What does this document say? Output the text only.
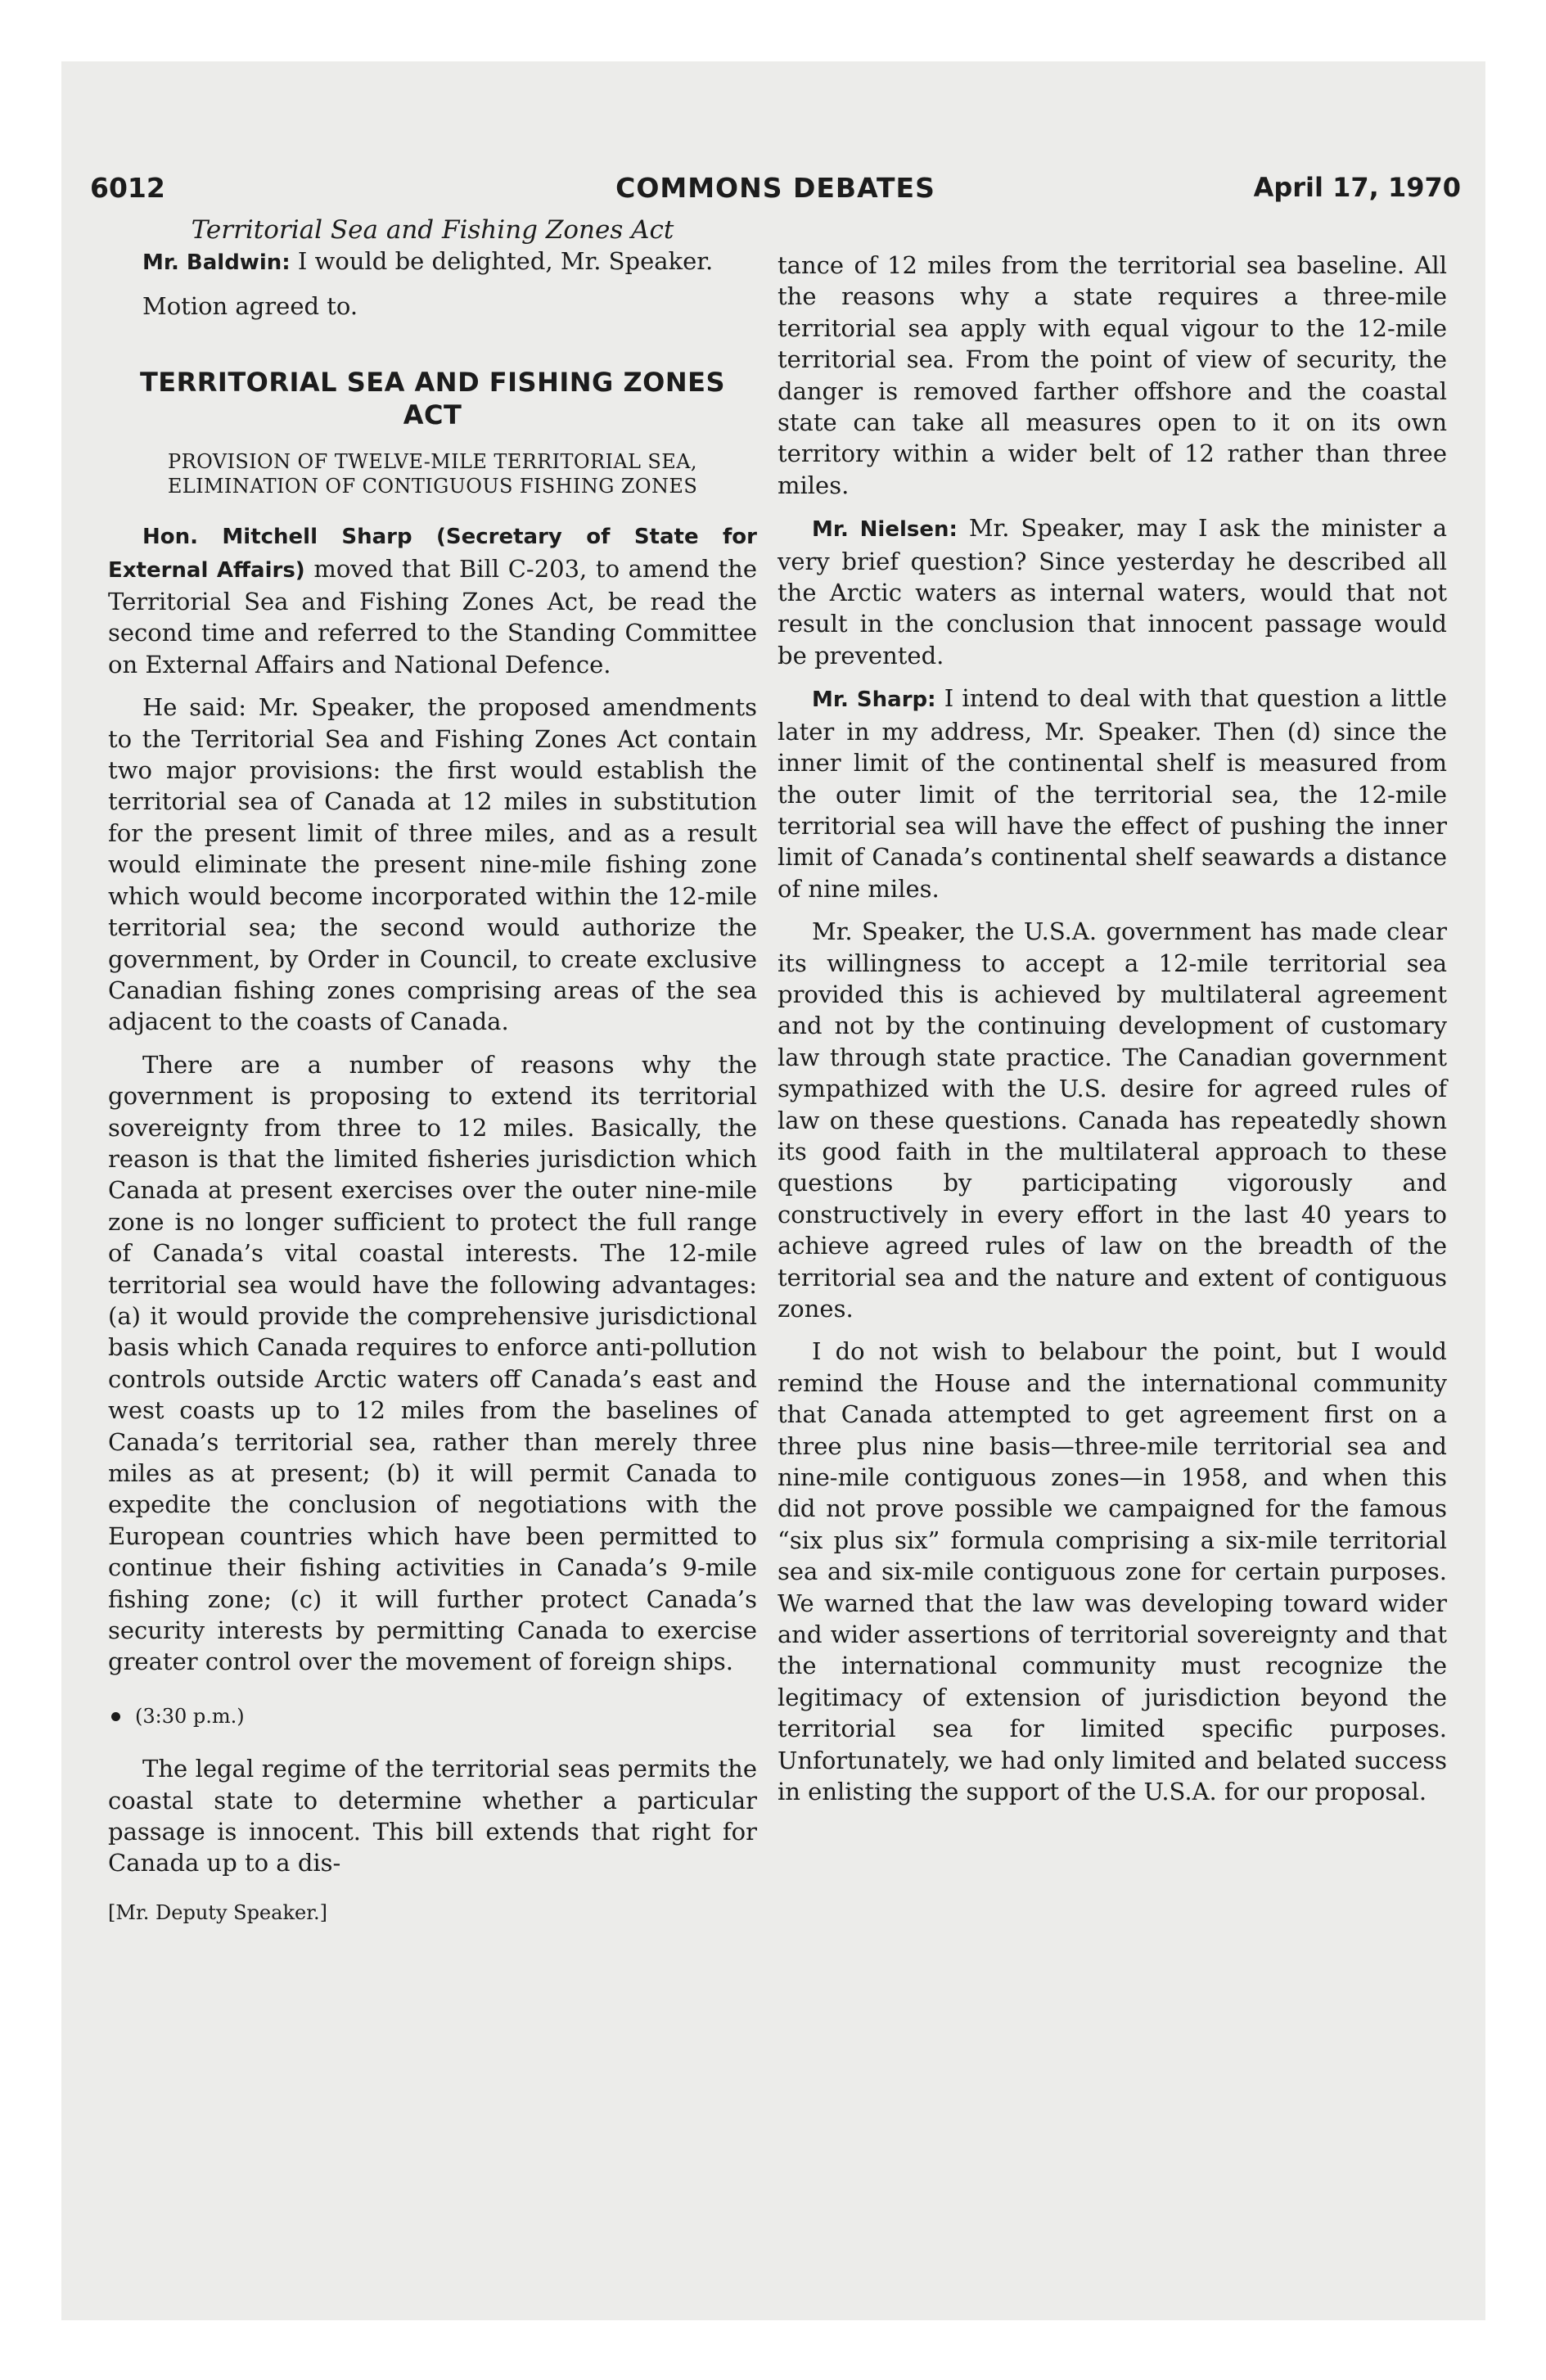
6012	COMMONS DEBATES	April 17, 1970
Territorial Sea and Fishing Zones Act

Mr. Baldwin: I would be delighted, Mr. Speaker.

Motion agreed to.

TERRITORIAL SEA AND FISHING ZONES ACT
PROVISION OF TWELVE-MILE TERRITORIAL SEA, ELIMINATION OF CONTIGUOUS FISHING ZONES

Hon. Mitchell Sharp (Secretary of State for External Affairs) moved that Bill C-203, to amend the Territorial Sea and Fishing Zones Act, be read the second time and referred to the Standing Committee on External Affairs and National Defence.

He said: Mr. Speaker, the proposed amendments to the Territorial Sea and Fishing Zones Act contain two major provisions: the first would establish the territorial sea of Canada at 12 miles in substitution for the present limit of three miles, and as a result would eliminate the present nine-mile fishing zone which would become incorporated within the 12-mile territorial sea; the second would authorize the government, by Order in Council, to create exclusive Canadian fishing zones comprising areas of the sea adjacent to the coasts of Canada.

There are a number of reasons why the government is proposing to extend its territorial sovereignty from three to 12 miles. Basically, the reason is that the limited fisheries jurisdiction which Canada at present exercises over the outer nine-mile zone is no longer sufficient to protect the full range of Canada’s vital coastal interests. The 12-mile territorial sea would have the following advantages: (a) it would provide the comprehensive jurisdictional basis which Canada requires to enforce anti-pollution controls outside Arctic waters off Canada’s east and west coasts up to 12 miles from the baselines of Canada’s territorial sea, rather than merely three miles as at present; (b) it will permit Canada to expedite the conclusion of negotiations with the European countries which have been permitted to continue their fishing activities in Canada’s 9-mile fishing zone; (c) it will further protect Canada’s security interests by permitting Canada to exercise greater control over the movement of foreign ships.

(3:30 p.m.)

The legal regime of the territorial seas permits the coastal state to determine whether a particular passage is innocent. This bill extends that right for Canada up to a dis-

[Mr. Deputy Speaker.]

tance of 12 miles from the territorial sea baseline. All the reasons why a state requires a three-mile territorial sea apply with equal vigour to the 12-mile territorial sea. From the point of view of security, the danger is removed farther offshore and the coastal state can take all measures open to it on its own territory within a wider belt of 12 rather than three miles.

Mr. Nielsen: Mr. Speaker, may I ask the minister a very brief question? Since yesterday he described all the Arctic waters as internal waters, would that not result in the conclusion that innocent passage would be prevented.

Mr. Sharp: I intend to deal with that question a little later in my address, Mr. Speaker. Then (d) since the inner limit of the continental shelf is measured from the outer limit of the territorial sea, the 12-mile territorial sea will have the effect of pushing the inner limit of Canada’s continental shelf seawards a distance of nine miles.

Mr. Speaker, the U.S.A. government has made clear its willingness to accept a 12-mile territorial sea provided this is achieved by multilateral agreement and not by the continuing development of customary law through state practice. The Canadian government sympathized with the U.S. desire for agreed rules of law on these questions. Canada has repeatedly shown its good faith in the multilateral approach to these questions by participating vigorously and constructively in every effort in the last 40 years to achieve agreed rules of law on the breadth of the territorial sea and the nature and extent of contiguous zones.

I do not wish to belabour the point, but I would remind the House and the international community that Canada attempted to get agreement first on a three plus nine basis—three-mile territorial sea and nine-mile contiguous zones—in 1958, and when this did not prove possible we campaigned for the famous “six plus six” formula comprising a six-mile territorial sea and six-mile contiguous zone for certain purposes. We warned that the law was developing toward wider and wider assertions of territorial sovereignty and that the international community must recognize the legitimacy of extension of jurisdiction beyond the territorial sea for limited specific purposes. Unfortunately, we had only limited and belated success in enlisting the support of the U.S.A. for our proposal.
